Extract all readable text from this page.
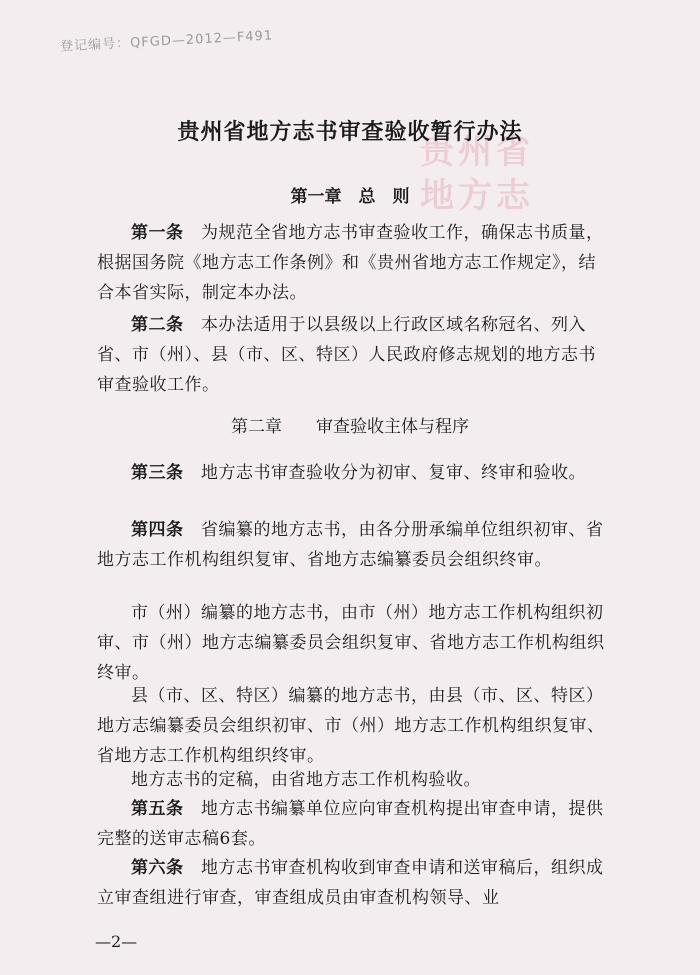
贵州省
地方志
登记编号：QFGD—2012—F491
贵州省地方志书审查验收暂行办法
第一章　总　则
第一条　为规范全省地方志书审查验收工作，确保志书质量，根据国务院《地方志工作条例》和《贵州省地方志工作规定》，结合本省实际，制定本办法。
第二条　本办法适用于以县级以上行政区域名称冠名、列入省、市（州）、县（市、区、特区）人民政府修志规划的地方志书审查验收工作。
第二章　　审查验收主体与程序
第三条　地方志书审查验收分为初审、复审、终审和验收。
第四条　省编纂的地方志书，由各分册承编单位组织初审、省地方志工作机构组织复审、省地方志编纂委员会组织终审。
市（州）编纂的地方志书，由市（州）地方志工作机构组织初审、市（州）地方志编纂委员会组织复审、省地方志工作机构组织终审。
县（市、区、特区）编纂的地方志书，由县（市、区、特区）地方志编纂委员会组织初审、市（州）地方志工作机构组织复审、省地方志工作机构组织终审。
地方志书的定稿，由省地方志工作机构验收。
第五条　地方志书编纂单位应向审查机构提出审查申请，提供完整的送审志稿6套。
第六条　地方志书审查机构收到审查申请和送审稿后，组织成立审查组进行审查，审查组成员由审查机构领导、业
—2—
